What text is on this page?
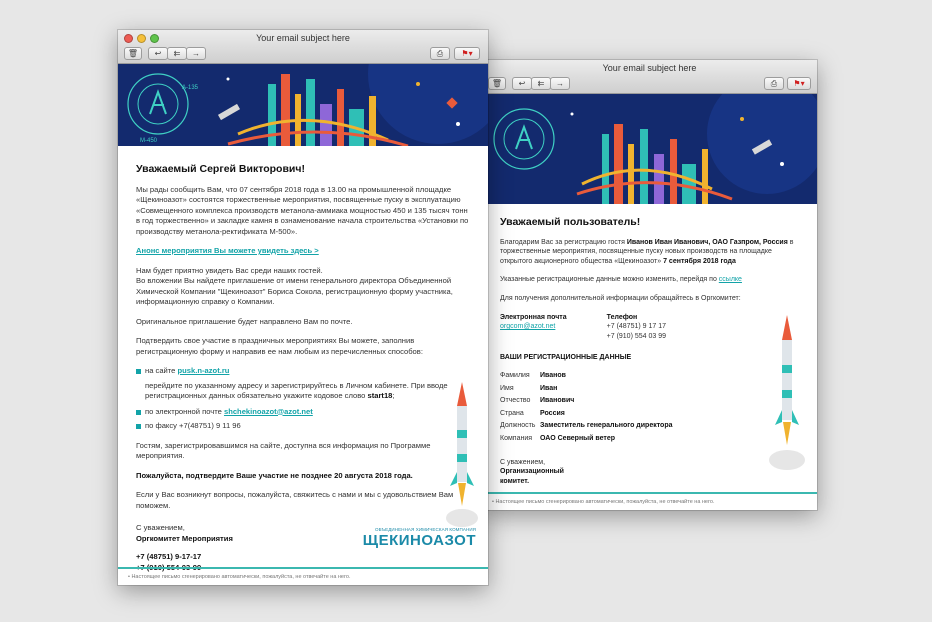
Your email subject here
🗑	↩	⇇	→	⎙	⚑▾
Уважаемый пользователь!

Благодарим Вас за регистрацию гостя Иванов Иван Иванович, ОАО Газпром, Россия в торжественные мероприятия, посвященные пуску новых производств на площадке открытого акционерного общества «Щекиноазот» 7 сентября 2018 года

Указанные регистрационные данные можно изменить, перейдя по ссылке

Для получения дополнительной информации обращайтесь в Оргкомитет:

Электронная почта
orgcom@azot.net
Телефон
+7 (48751) 9 17 17
+7 (910) 554 03 99
ВАШИ РЕГИСТРАЦИОННЫЕ ДАННЫЕ
Фамилия	Иванов
Имя	Иван
Отчество	Иванович
Страна	Россия
Должность Заместитель генерального директора
Компания	ОАО Северный ветер
С уважением,
Организационный
комитет.
• Настоящее письмо сгенерировано автоматически, пожалуйста, не отвечайте на него.
Your email subject here
🗑	↩	⇇	→	⎙	⚑▾
А-135
М-450
Уважаемый Сергей Викторович!

Мы рады сообщить Вам, что 07 сентября 2018 года в 13.00 на промышленной площадке «Щекиноазот» состоятся торжественные мероприятия, посвященные пуску в эксплуатацию «Совмещенного комплекса производств метанола-аммиака мощностью 450 и 135 тысяч тонн в год торжественно» и закладке камня в ознаменование начала строительства «Установки по производству метанола-ректификата М-500».

Анонс мероприятия Вы можете увидеть здесь >

Нам будет приятно увидеть Вас среди наших гостей.
Во вложении Вы найдете приглашение от имени генерального директора Объединенной Химической Компании "Щекиноазот" Бориса Сокола, регистрационную форму участника, информационную справку о Компании.

Оригинальное приглашение будет направлено Вам по почте.

Подтвердить свое участие в праздничных мероприятиях Вы можете, заполнив регистрационную форму и направив ее нам любым из перечисленных способов:

на сайте pusk.n-azot.ru
перейдите по указанному адресу и зарегистрируйтесь в Личном кабинете. При вводе регистрационных данных обязательно укажите кодовое слово start18;
по электронной почте shchekinoazot@azot.net
по факсу +7(48751) 9 11 96

Гостям, зарегистрировавшимся на сайте, доступна вся информация по Программе мероприятия.

Пожалуйста, подтвердите Ваше участие не позднее 20 августа 2018 года.

Если у Вас возникнут вопросы, пожалуйста, свяжитесь с нами и мы с удовольствием Вам поможем.

С уважением,
Оргкомитет Мероприятия
+7 (48751) 9-17-17
+7 (910) 554-03-99
ОБЪЕДИНЕННАЯ ХИМИЧЕСКАЯ КОМПАНИЯ
ЩЕКИНОАЗОТ
• Настоящее письмо сгенерировано автоматически, пожалуйста, не отвечайте на него.
